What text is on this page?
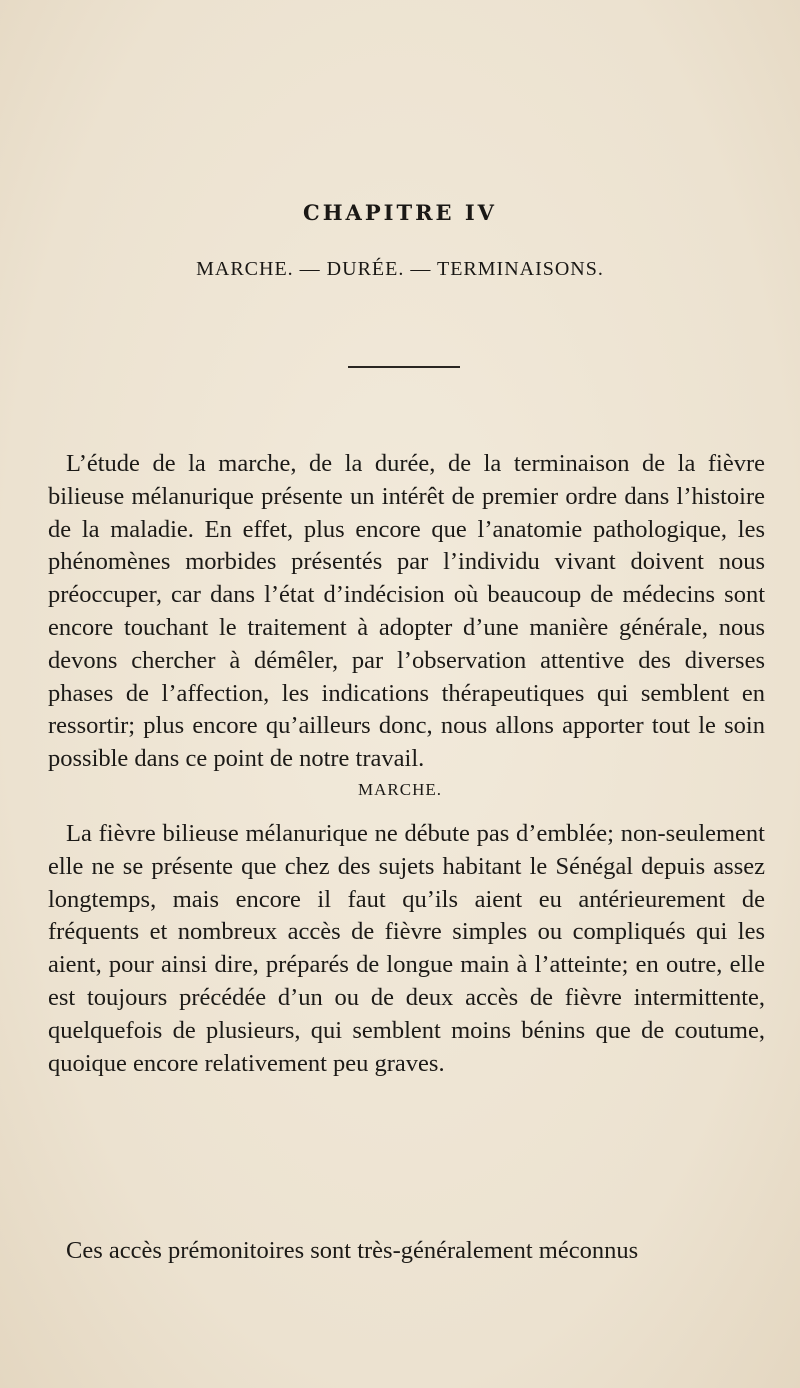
CHAPITRE IV
MARCHE. — DURÉE. — TERMINAISONS.

L’étude de la marche, de la durée, de la terminaison de la fièvre bilieuse mélanurique présente un intérêt de premier ordre dans l’histoire de la maladie. En effet, plus encore que l’anatomie pathologique, les phénomènes morbides présentés par l’individu vivant doivent nous préoccuper, car dans l’état d’indécision où beaucoup de médecins sont encore touchant le traitement à adopter d’une manière générale, nous devons chercher à démêler, par l’observation attentive des diverses phases de l’affection, les indications thérapeutiques qui semblent en ressortir; plus encore qu’ailleurs donc, nous allons apporter tout le soin possible dans ce point de notre travail.

MARCHE.

La fièvre bilieuse mélanurique ne débute pas d’emblée; non-seulement elle ne se présente que chez des sujets habitant le Sénégal depuis assez longtemps, mais encore il faut qu’ils aient eu antérieurement de fréquents et nombreux accès de fièvre simples ou compliqués qui les aient, pour ainsi dire, préparés de longue main à l’atteinte; en outre, elle est toujours précédée d’un ou de deux accès de fièvre intermittente, quelquefois de plusieurs, qui semblent moins bénins que de coutume, quoique encore relativement peu graves.

Ces accès prémonitoires sont très-généralement méconnus
